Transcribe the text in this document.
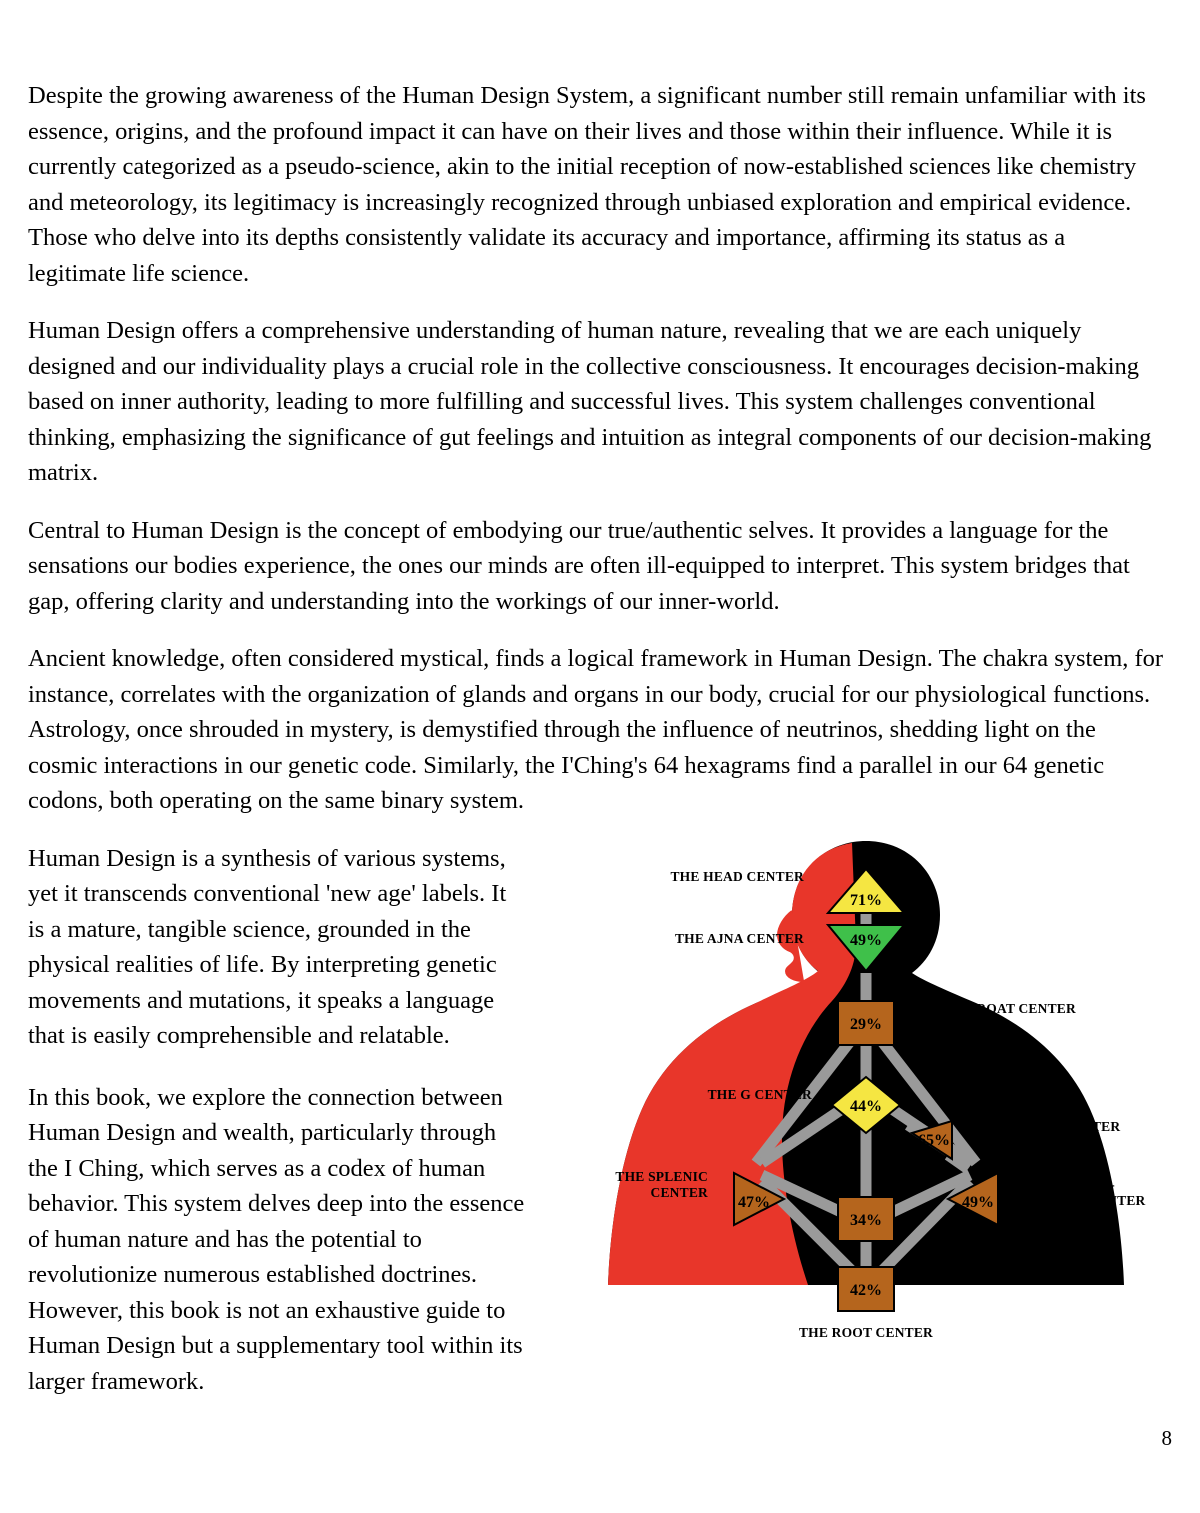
Despite the growing awareness of the Human Design System, a significant number still remain unfamiliar with its essence, origins, and the profound impact it can have on their lives and those within their influence. While it is currently categorized as a pseudo-science, akin to the initial reception of now-established sciences like chemistry and meteorology, its legitimacy is increasingly recognized through unbiased exploration and empirical evidence. Those who delve into its depths consistently validate its accuracy and importance, affirming its status as a legitimate life science.

Human Design offers a comprehensive understanding of human nature, revealing that we are each uniquely designed and our individuality plays a crucial role in the collective consciousness. It encourages decision-making based on inner authority, leading to more fulfilling and successful lives. This system challenges conventional thinking, emphasizing the significance of gut feelings and intuition as integral components of our decision-making matrix.

Central to Human Design is the concept of embodying our true/authentic selves. It provides a language for the sensations our bodies experience, the ones our minds are often ill-equipped to interpret. This system bridges that gap, offering clarity and understanding into the workings of our inner-world.

Ancient knowledge, often considered mystical, finds a logical framework in Human Design. The chakra system, for instance, correlates with the organization of glands and organs in our body, crucial for our physiological functions. Astrology, once shrouded in mystery, is demystified through the influence of neutrinos, shedding light on the cosmic interactions in our genetic code. Similarly, the I'Ching's 64 hexagrams find a parallel in our 64 genetic codons, both operating on the same binary system.

Human Design is a synthesis of various systems, yet it transcends conventional 'new age' labels. It is a mature, tangible science, grounded in the physical realities of life. By interpreting genetic movements and mutations, it speaks a language that is easily comprehensible and relatable.

In this book, we explore the connection between Human Design and wealth, particularly through the I Ching, which serves as a codex of human behavior. This system delves deep into the essence of human nature and has the potential to revolutionize numerous established doctrines. However, this book is not an exhaustive guide to Human Design but a supplementary tool within its larger framework.

71%
THE HEAD CENTER
49%
THE AJNA CENTER
29%
THE THROAT CENTER
44%
THE G CENTER
65%
THE EGO CENTER
47%
THE SPLENIC
CENTER
49%
THE SOLAR-
PLEXUS CENTER
34%
42%
THE ROOT CENTER
8
